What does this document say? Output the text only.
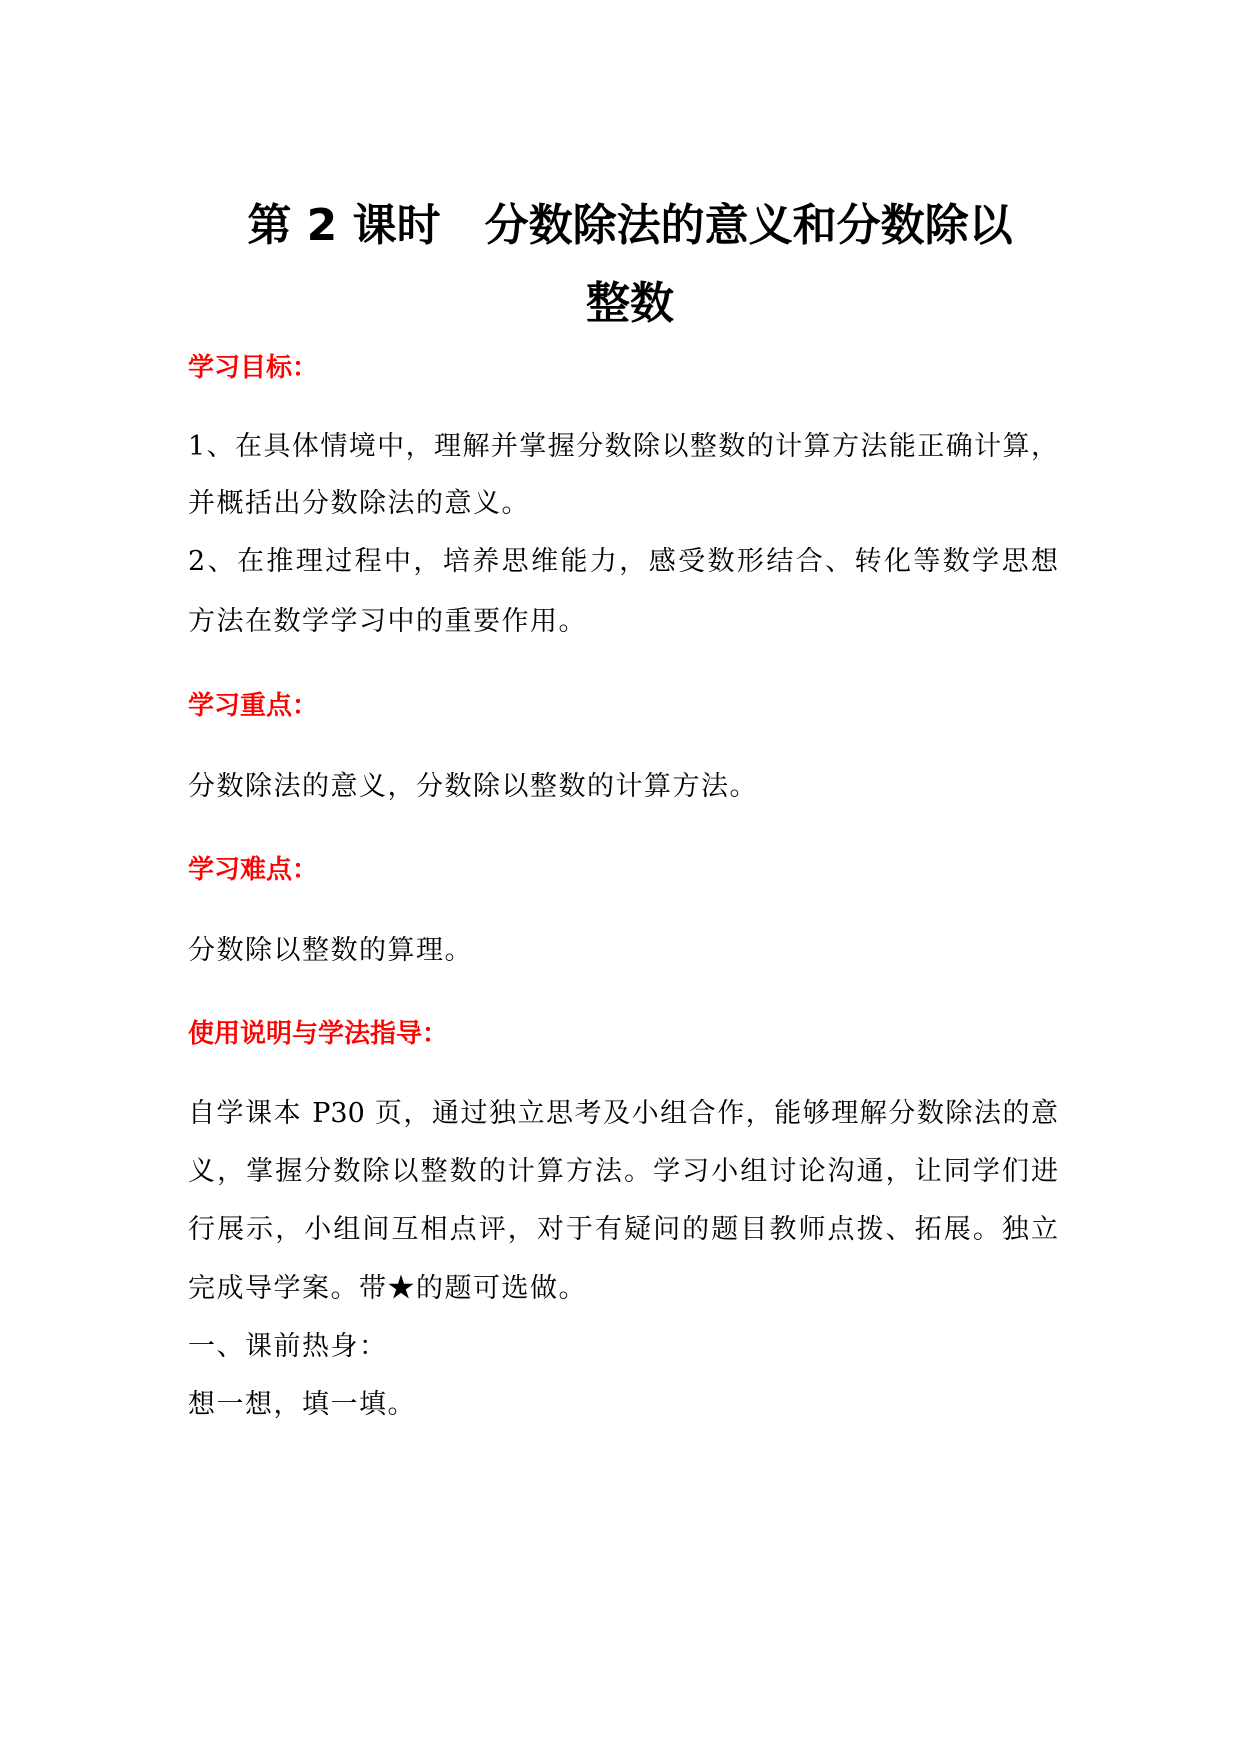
第 2 课时 分数除法的意义和分数除以
整数
学习目标：

1、在具体情境中，理解并掌握分数除以整数的计算方法能正确计算，

并概括出分数除法的意义。

2、在推理过程中，培养思维能力，感受数形结合、转化等数学思想

方法在数学学习中的重要作用。

学习重点：

分数除法的意义，分数除以整数的计算方法。

学习难点：

分数除以整数的算理。

使用说明与学法指导：

自学课本 P30 页，通过独立思考及小组合作，能够理解分数除法的意

义，掌握分数除以整数的计算方法。学习小组讨论沟通，让同学们进

行展示，小组间互相点评，对于有疑问的题目教师点拨、拓展。独立

完成导学案。带★的题可选做。

一、课前热身：

想一想，填一填。
